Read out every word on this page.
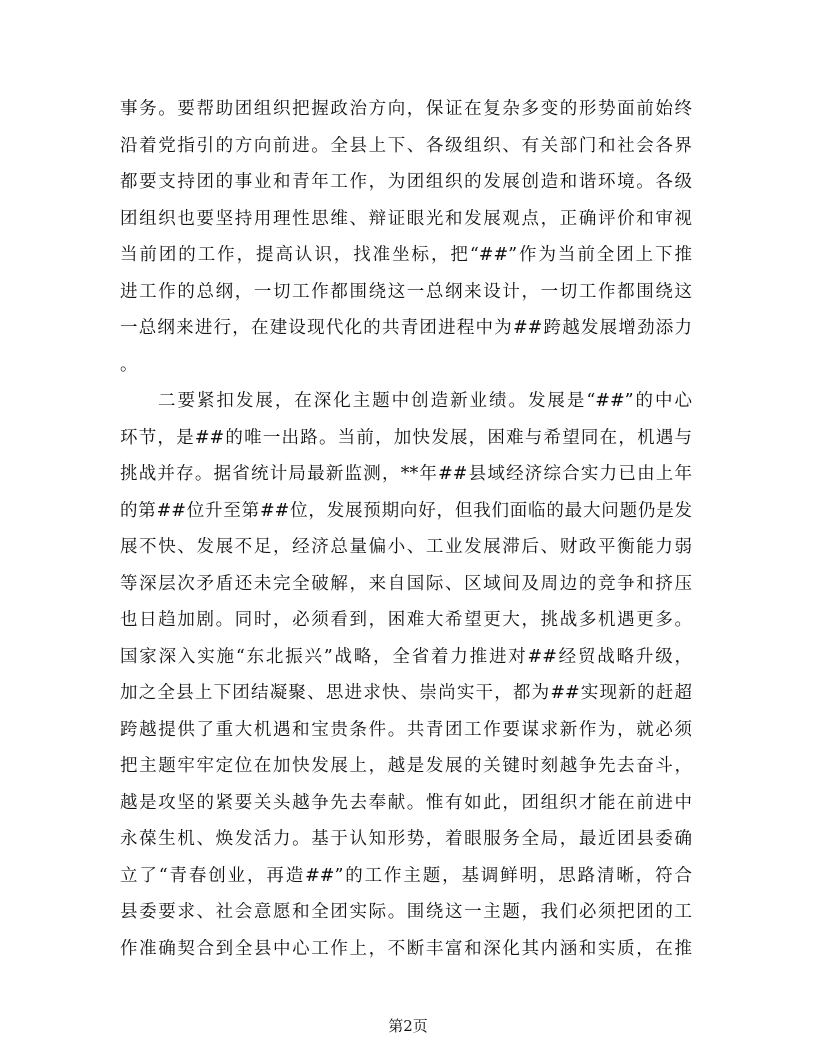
事务。要帮助团组织把握政治方向，保证在复杂多变的形势面前始终
沿着党指引的方向前进。全县上下、各级组织、有关部门和社会各界
都要支持团的事业和青年工作，为团组织的发展创造和谐环境。各级
团组织也要坚持用理性思维、辩证眼光和发展观点，正确评价和审视
当前团的工作，提高认识，找准坐标，把“##”作为当前全团上下推
进工作的总纲，一切工作都围绕这一总纲来设计，一切工作都围绕这
一总纲来进行，在建设现代化的共青团进程中为##跨越发展增劲添力
。
二要紧扣发展，在深化主题中创造新业绩。发展是“##”的中心
环节，是##的唯一出路。当前，加快发展，困难与希望同在，机遇与
挑战并存。据省统计局最新监测，**年##县域经济综合实力已由上年
的第##位升至第##位，发展预期向好，但我们面临的最大问题仍是发
展不快、发展不足，经济总量偏小、工业发展滞后、财政平衡能力弱
等深层次矛盾还未完全破解，来自国际、区域间及周边的竞争和挤压
也日趋加剧。同时，必须看到，困难大希望更大，挑战多机遇更多。
国家深入实施“东北振兴”战略，全省着力推进对##经贸战略升级，
加之全县上下团结凝聚、思进求快、崇尚实干，都为##实现新的赶超
跨越提供了重大机遇和宝贵条件。共青团工作要谋求新作为，就必须
把主题牢牢定位在加快发展上，越是发展的关键时刻越争先去奋斗，
越是攻坚的紧要关头越争先去奉献。惟有如此，团组织才能在前进中
永葆生机、焕发活力。基于认知形势，着眼服务全局，最近团县委确
立了“青春创业，再造##”的工作主题，基调鲜明，思路清晰，符合
县委要求、社会意愿和全团实际。围绕这一主题，我们必须把团的工
作准确契合到全县中心工作上，不断丰富和深化其内涵和实质，在推
第2页
